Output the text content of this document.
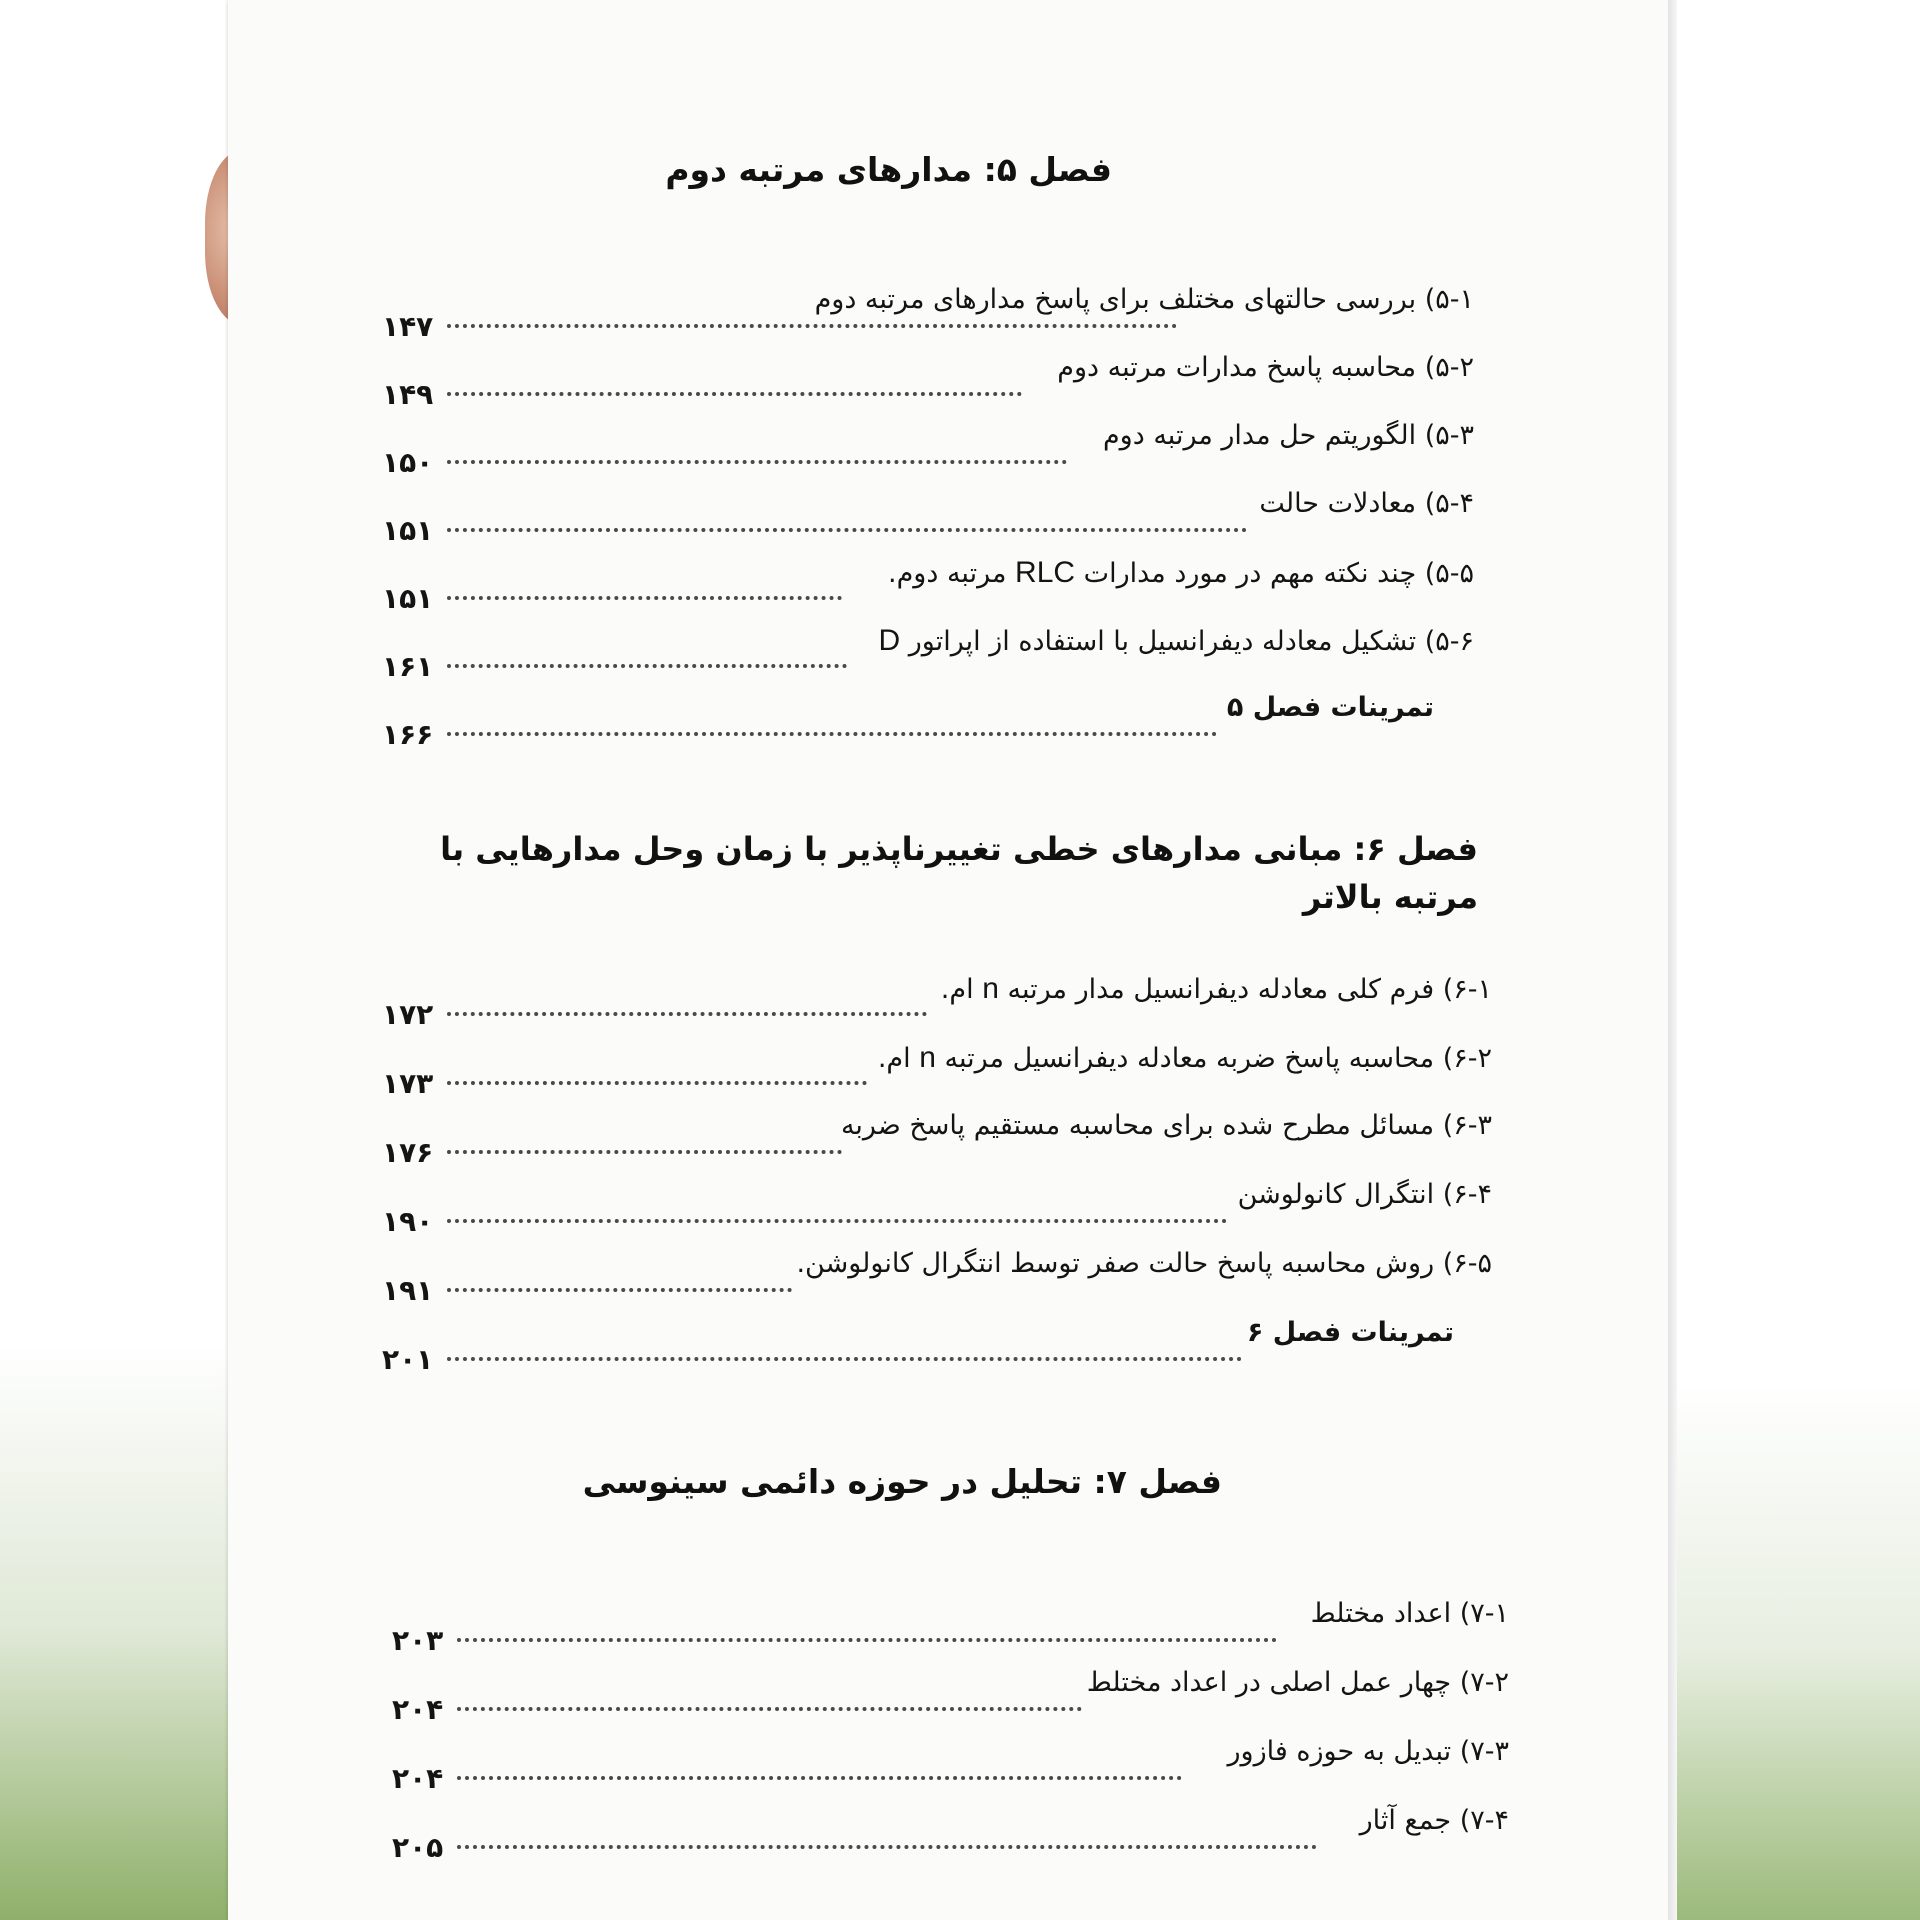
فصل ۵: مدارهای مرتبه دوم
۵-۱) بررسی حالتهای مختلف برای پاسخ مدارهای مرتبه دوم
۱۴۷
۵-۲) محاسبه پاسخ مدارات مرتبه دوم
۱۴۹
۵-۳) الگوریتم حل مدار مرتبه دوم
۱۵۰
۵-۴) معادلات حالت
۱۵۱
۵-۵) چند نکته مهم در مورد مدارات RLC مرتبه دوم.
۱۵۱
۵-۶) تشکیل معادله دیفرانسیل با استفاده از اپراتور D
۱۶۱
تمرینات فصل ۵
۱۶۶
فصل ۶: مبانی مدارهای خطی تغییرناپذیر با زمان وحل مدارهایی با مرتبه بالاتر
۶-۱) فرم کلی معادله دیفرانسیل مدار مرتبه n ام.
۱۷۲
۶-۲) محاسبه پاسخ ضربه معادله دیفرانسیل مرتبه n ام.
۱۷۳
۶-۳) مسائل مطرح شده برای محاسبه مستقیم پاسخ ضربه
۱۷۶
۶-۴) انتگرال کانولوشن
۱۹۰
۶-۵) روش محاسبه پاسخ حالت صفر توسط انتگرال کانولوشن.
۱۹۱
تمرینات فصل ۶
۲۰۱
فصل ۷: تحلیل در حوزه دائمی سینوسی
۷-۱) اعداد مختلط
۲۰۳
۷-۲) چهار عمل اصلی در اعداد مختلط
۲۰۴
۷-۳) تبدیل به حوزه فازور
۲۰۴
۷-۴) جمع آثار
۲۰۵
